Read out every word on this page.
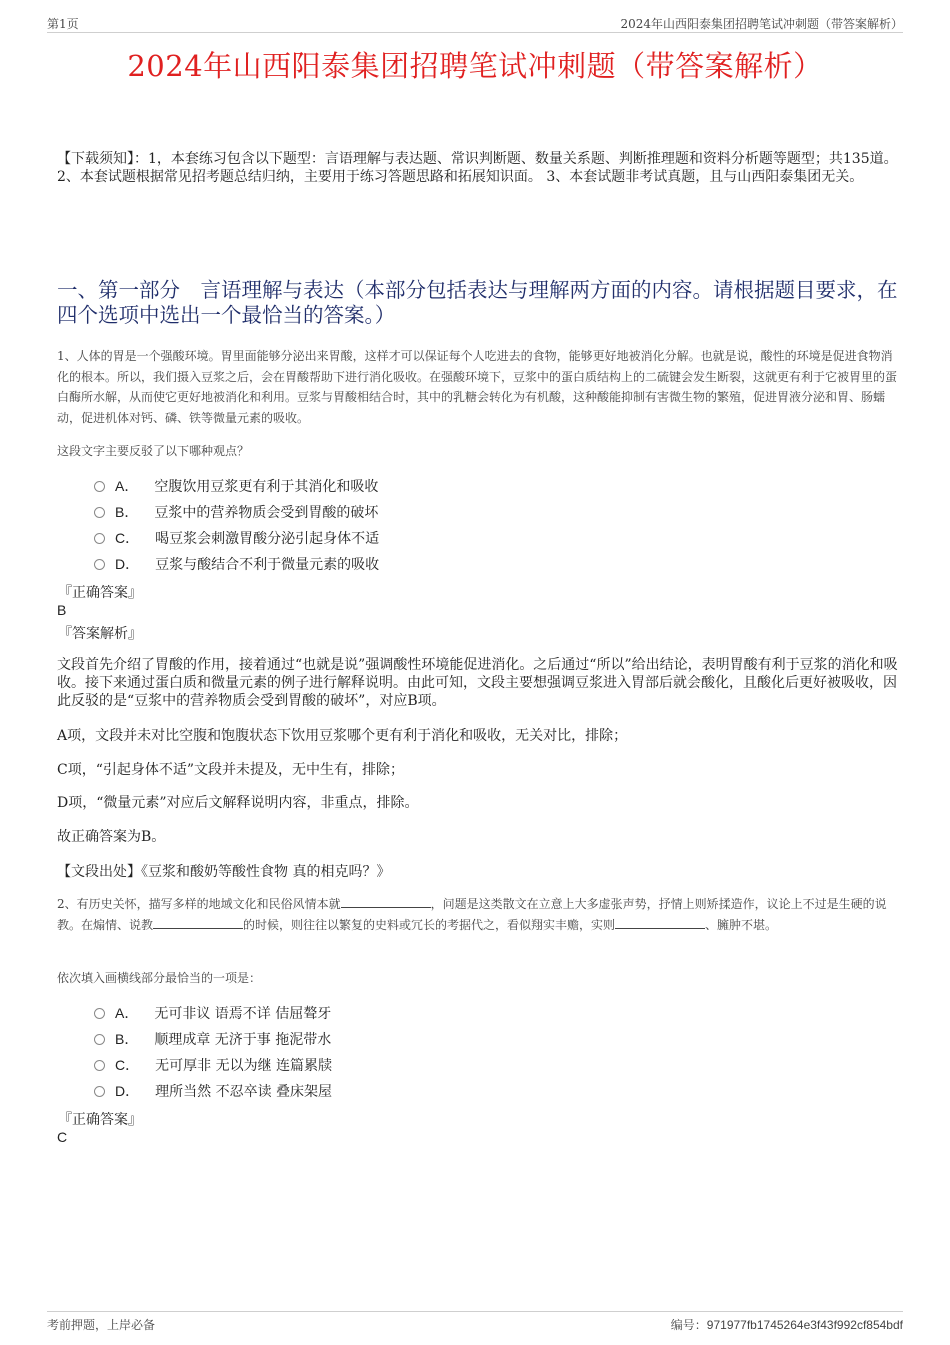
第1页	2024年山西阳泰集团招聘笔试冲刺题（带答案解析）
2024年山西阳泰集团招聘笔试冲刺题（带答案解析）
【下载须知】：1，本套练习包含以下题型：言语理解与表达题、常识判断题、数量关系题、判断推理题和资料分析题等题型；共135道。 2、本套试题根据常见招考题总结归纳，主要用于练习答题思路和拓展知识面。 3、本套试题非考试真题，且与山西阳泰集团无关。
一、第一部分　言语理解与表达（本部分包括表达与理解两方面的内容。请根据题目要求，在四个选项中选出一个最恰当的答案。）
1、人体的胃是一个强酸环境。胃里面能够分泌出来胃酸，这样才可以保证每个人吃进去的食物，能够更好地被消化分解。也就是说，酸性的环境是促进食物消化的根本。所以，我们摄入豆浆之后，会在胃酸帮助下进行消化吸收。在强酸环境下，豆浆中的蛋白质结构上的二硫键会发生断裂，这就更有利于它被胃里的蛋白酶所水解，从而使它更好地被消化和利用。豆浆与胃酸相结合时，其中的乳糖会转化为有机酸，这种酸能抑制有害微生物的繁殖，促进胃液分泌和胃、肠蠕动，促进机体对钙、磷、铁等微量元素的吸收。
这段文字主要反驳了以下哪种观点？
A． 空腹饮用豆浆更有利于其消化和吸收
B． 豆浆中的营养物质会受到胃酸的破坏
C． 喝豆浆会刺激胃酸分泌引起身体不适
D． 豆浆与酸结合不利于微量元素的吸收
『正确答案』
B
『答案解析』
文段首先介绍了胃酸的作用，接着通过“也就是说”强调酸性环境能促进消化。之后通过“所以”给出结论，表明胃酸有利于豆浆的消化和吸收。接下来通过蛋白质和微量元素的例子进行解释说明。由此可知，文段主要想强调豆浆进入胃部后就会酸化，且酸化后更好被吸收，因此反驳的是“豆浆中的营养物质会受到胃酸的破坏”，对应B项。
A项，文段并未对比空腹和饱腹状态下饮用豆浆哪个更有利于消化和吸收，无关对比，排除；
C项，“引起身体不适”文段并未提及，无中生有，排除；
D项，“微量元素”对应后文解释说明内容，非重点，排除。
故正确答案为B。
【文段出处】《豆浆和酸奶等酸性食物 真的相克吗？》
2、有历史关怀，描写多样的地域文化和民俗风情本就	，问题是这类散文在立意上大多虚张声势，抒情上则矫揉造作，议论上不过是生硬的说教。在煽情、说教	的时候，则往往以繁复的史料或冗长的考据代之，看似翔实丰赡，实则	、臃肿不堪。
依次填入画横线部分最恰当的一项是：
A． 无可非议 语焉不详 佶屈聱牙
B． 顺理成章 无济于事 拖泥带水
C． 无可厚非 无以为继 连篇累牍
D． 理所当然 不忍卒读 叠床架屋
『正确答案』
C
考前押题，上岸必备	编号：971977fb1745264e3f43f992cf854bdf
